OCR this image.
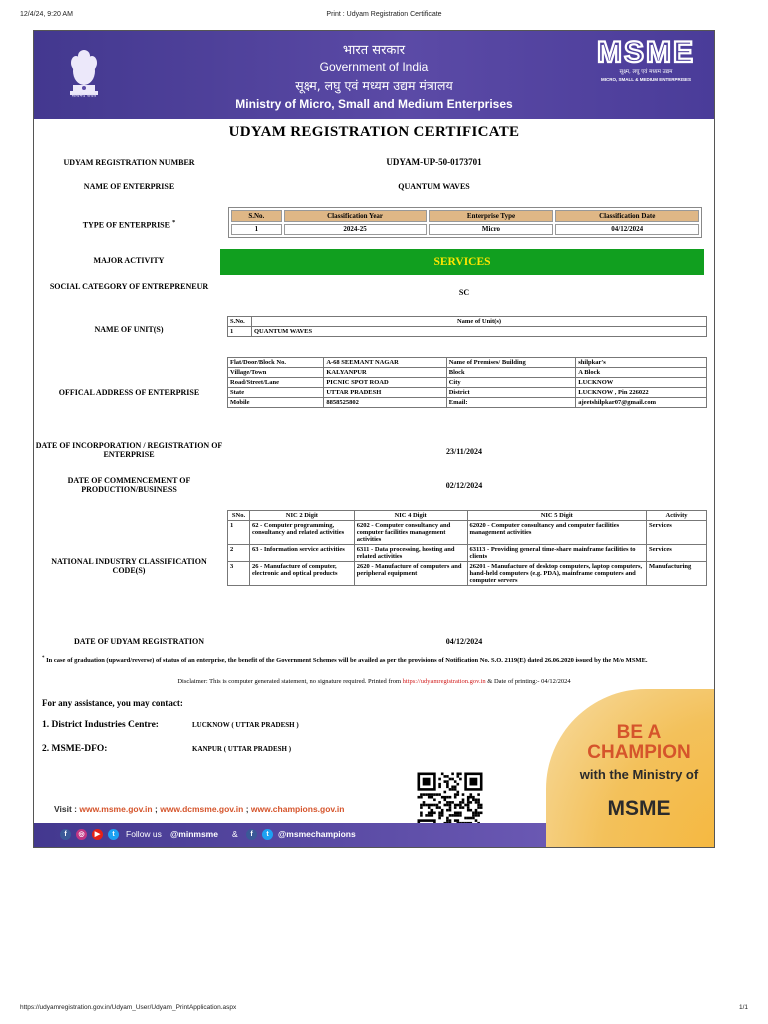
12/4/24, 9:20 AM	Print : Udyam Registration Certificate
सत्यमेव जयते
भारत सरकार
Government of India
सूक्ष्म, लघु एवं मध्यम उद्यम मंत्रालय
Ministry of Micro, Small and Medium Enterprises
MSME
सूक्ष्म, लघु एवं मध्यम उद्यम
MICRO, SMALL & MEDIUM ENTERPRISES
UDYAM REGISTRATION CERTIFICATE
UDYAM REGISTRATION NUMBER	UDYAM-UP-50-0173701
NAME OF ENTERPRISE	QUANTUM WAVES
TYPE OF ENTERPRISE *
S.No.	Classification Year	Enterprise Type	Classification Date
1	2024-25	Micro	04/12/2024
MAJOR ACTIVITY	SERVICES
SOCIAL CATEGORY OF ENTREPRENEUR
SC
NAME OF UNIT(S)
S.No.	Name of Unit(s)
1	QUANTUM WAVES
OFFICAL ADDRESS OF ENTERPRISE
Flat/Door/Block No.	A-68 SEEMANT NAGAR	Name of Premises/ Building	shilpkar's
Village/Town	KALYANPUR	Block	A Block
Road/Street/Lane	PICNIC SPOT ROAD	City	LUCKNOW
State	UTTAR PRADESH	District	LUCKNOW , Pin 226022
Mobile	8858525802	Email:	ajeetshilpkar07@gmail.com
DATE OF INCORPORATION / REGISTRATION OF ENTERPRISE	23/11/2024
DATE OF COMMENCEMENT OF PRODUCTION/BUSINESS	02/12/2024
NATIONAL INDUSTRY CLASSIFICATION CODE(S)
SNo.	NIC 2 Digit	NIC 4 Digit	NIC 5 Digit	Activity
1	62 - Computer programming, consultancy and related activities	6202 - Computer consultancy and computer facilities management activities	62020 - Computer consultancy and computer facilities management activities	Services
2	63 - Information service activities	6311 - Data processing, hosting and related activities	63113 - Providing general time-share mainframe facilities to clients	Services
3	26 - Manufacture of computer, electronic and optical products	2620 - Manufacture of computers and peripheral equipment	26201 - Manufacture of desktop computers, laptop computers, hand-held computers (e.g. PDA), mainframe computers and computer servers	Manufacturing
DATE OF UDYAM REGISTRATION	04/12/2024
* In case of graduation (upward/reverse) of status of an enterprise, the benefit of the Government Schemes will be availed as per the provisions of Notification No. S.O. 2119(E) dated 26.06.2020 issued by the M/o MSME.
Disclaimer: This is computer generated statement, no signature required. Printed from https://udyamregistration.gov.in & Date of printing:- 04/12/2024
BE A CHAMPION
with the Ministry of
MSME
For any assistance, you may contact:
1. District Industries Centre:	LUCKNOW ( UTTAR PRADESH )
2. MSME-DFO:	KANPUR ( UTTAR PRADESH )
Visit : www.msme.gov.in ; www.dcmsme.gov.in ; www.champions.gov.in
f	◎	▶	t	Follow us @minmsme &	f	t	@msmechampions
https://udyamregistration.gov.in/Udyam_User/Udyam_PrintApplication.aspx	1/1
